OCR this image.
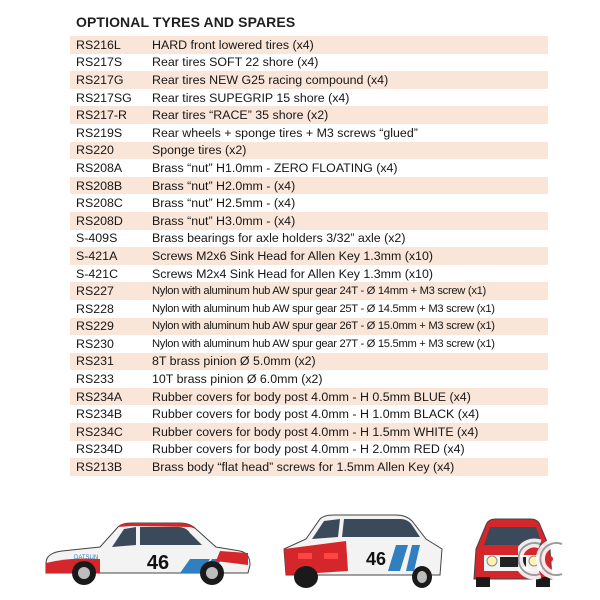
OPTIONAL TYRES AND SPARES
RS216L	HARD front lowered tires (x4)
RS217S	Rear tires SOFT 22 shore (x4)
RS217G	Rear tires NEW G25 racing compound (x4)
RS217SG	Rear tires SUPEGRIP 15 shore (x4)
RS217-R	Rear tires “RACE” 35 shore (x2)
RS219S	Rear wheels + sponge tires + M3 screws “glued”
RS220	Sponge tires (x2)
RS208A	Brass “nut” H1.0mm - ZERO FLOATING (x4)
RS208B	Brass “nut” H2.0mm - (x4)
RS208C	Brass “nut” H2.5mm - (x4)
RS208D	Brass “nut” H3.0mm - (x4)
S-409S	Brass bearings for axle holders 3/32” axle (x2)
S-421A	Screws M2x6 Sink Head for Allen Key 1.3mm (x10)
S-421C	Screws M2x4 Sink Head for Allen Key 1.3mm (x10)
RS227	Nylon with aluminum hub AW spur gear 24T - Ø 14mm + M3 screw (x1)
RS228	Nylon with aluminum hub AW spur gear 25T - Ø 14.5mm + M3 screw (x1)
RS229	Nylon with aluminum hub AW spur gear 26T - Ø 15.0mm + M3 screw (x1)
RS230	Nylon with aluminum hub AW spur gear 27T - Ø 15.5mm + M3 screw (x1)
RS231	8T brass pinion Ø 5.0mm (x2)
RS233	10T brass pinion Ø 6.0mm (x2)
RS234A	Rubber covers for body post 4.0mm - H 0.5mm BLUE (x4)
RS234B	Rubber covers for body post 4.0mm - H 1.0mm BLACK (x4)
RS234C	Rubber covers for body post 4.0mm - H 1.5mm WHITE (x4)
RS234D	Rubber covers for body post 4.0mm - H 2.0mm RED (x4)
RS213B	Brass body “flat head” screws for 1.5mm Allen Key (x4)
46
DATSUN	46
